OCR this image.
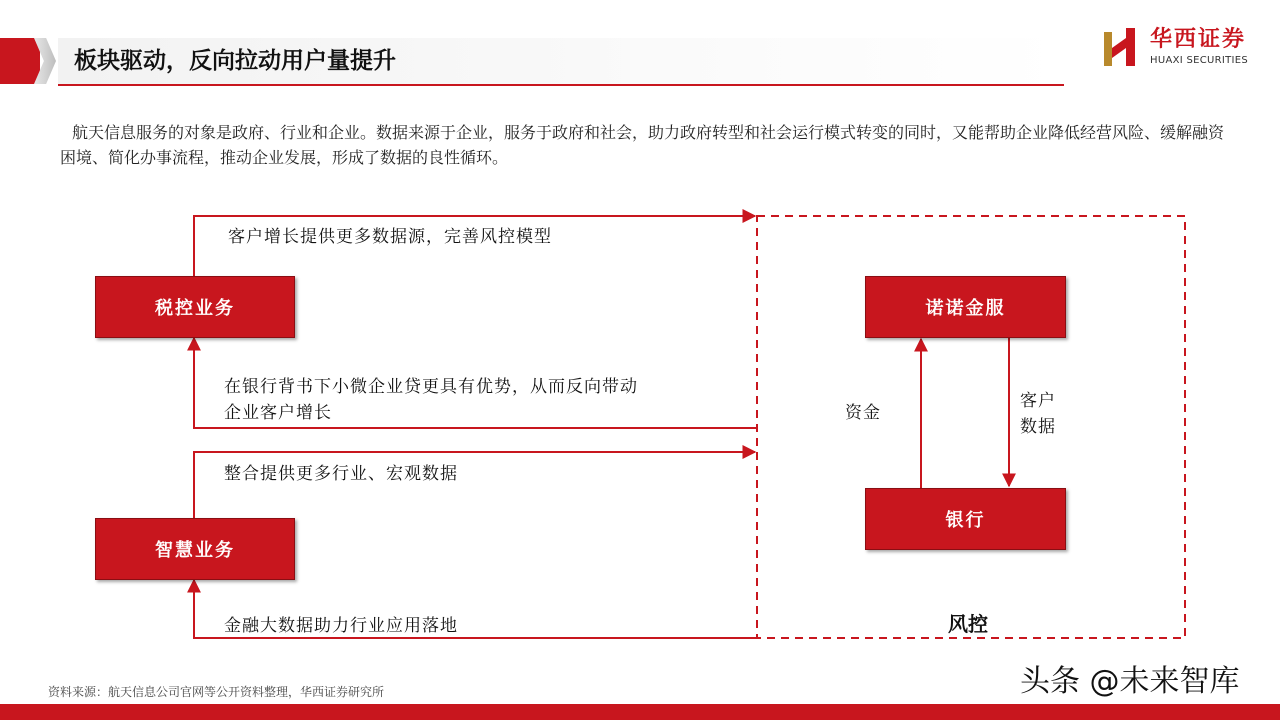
板块驱动，反向拉动用户量提升
华西证券
HUAXI SECURITIES
航天信息服务的对象是政府、行业和企业。数据来源于企业，服务于政府和社会，助力政府转型和社会运行模式转变的同时，又能帮助企业降低经营风险、缓解融资困境、简化办事流程，推动企业发展，形成了数据的良性循环。
税控业务
智慧业务
诺诺金服
银行
客户增长提供更多数据源，完善风控模型
在银行背书下小微企业贷更具有优势，从而反向带动
企业客户增长
整合提供更多行业、宏观数据
金融大数据助力行业应用落地
资金
客户
数据
风控
资料来源：航天信息公司官网等公开资料整理，华西证券研究所	头条 @未来智库
